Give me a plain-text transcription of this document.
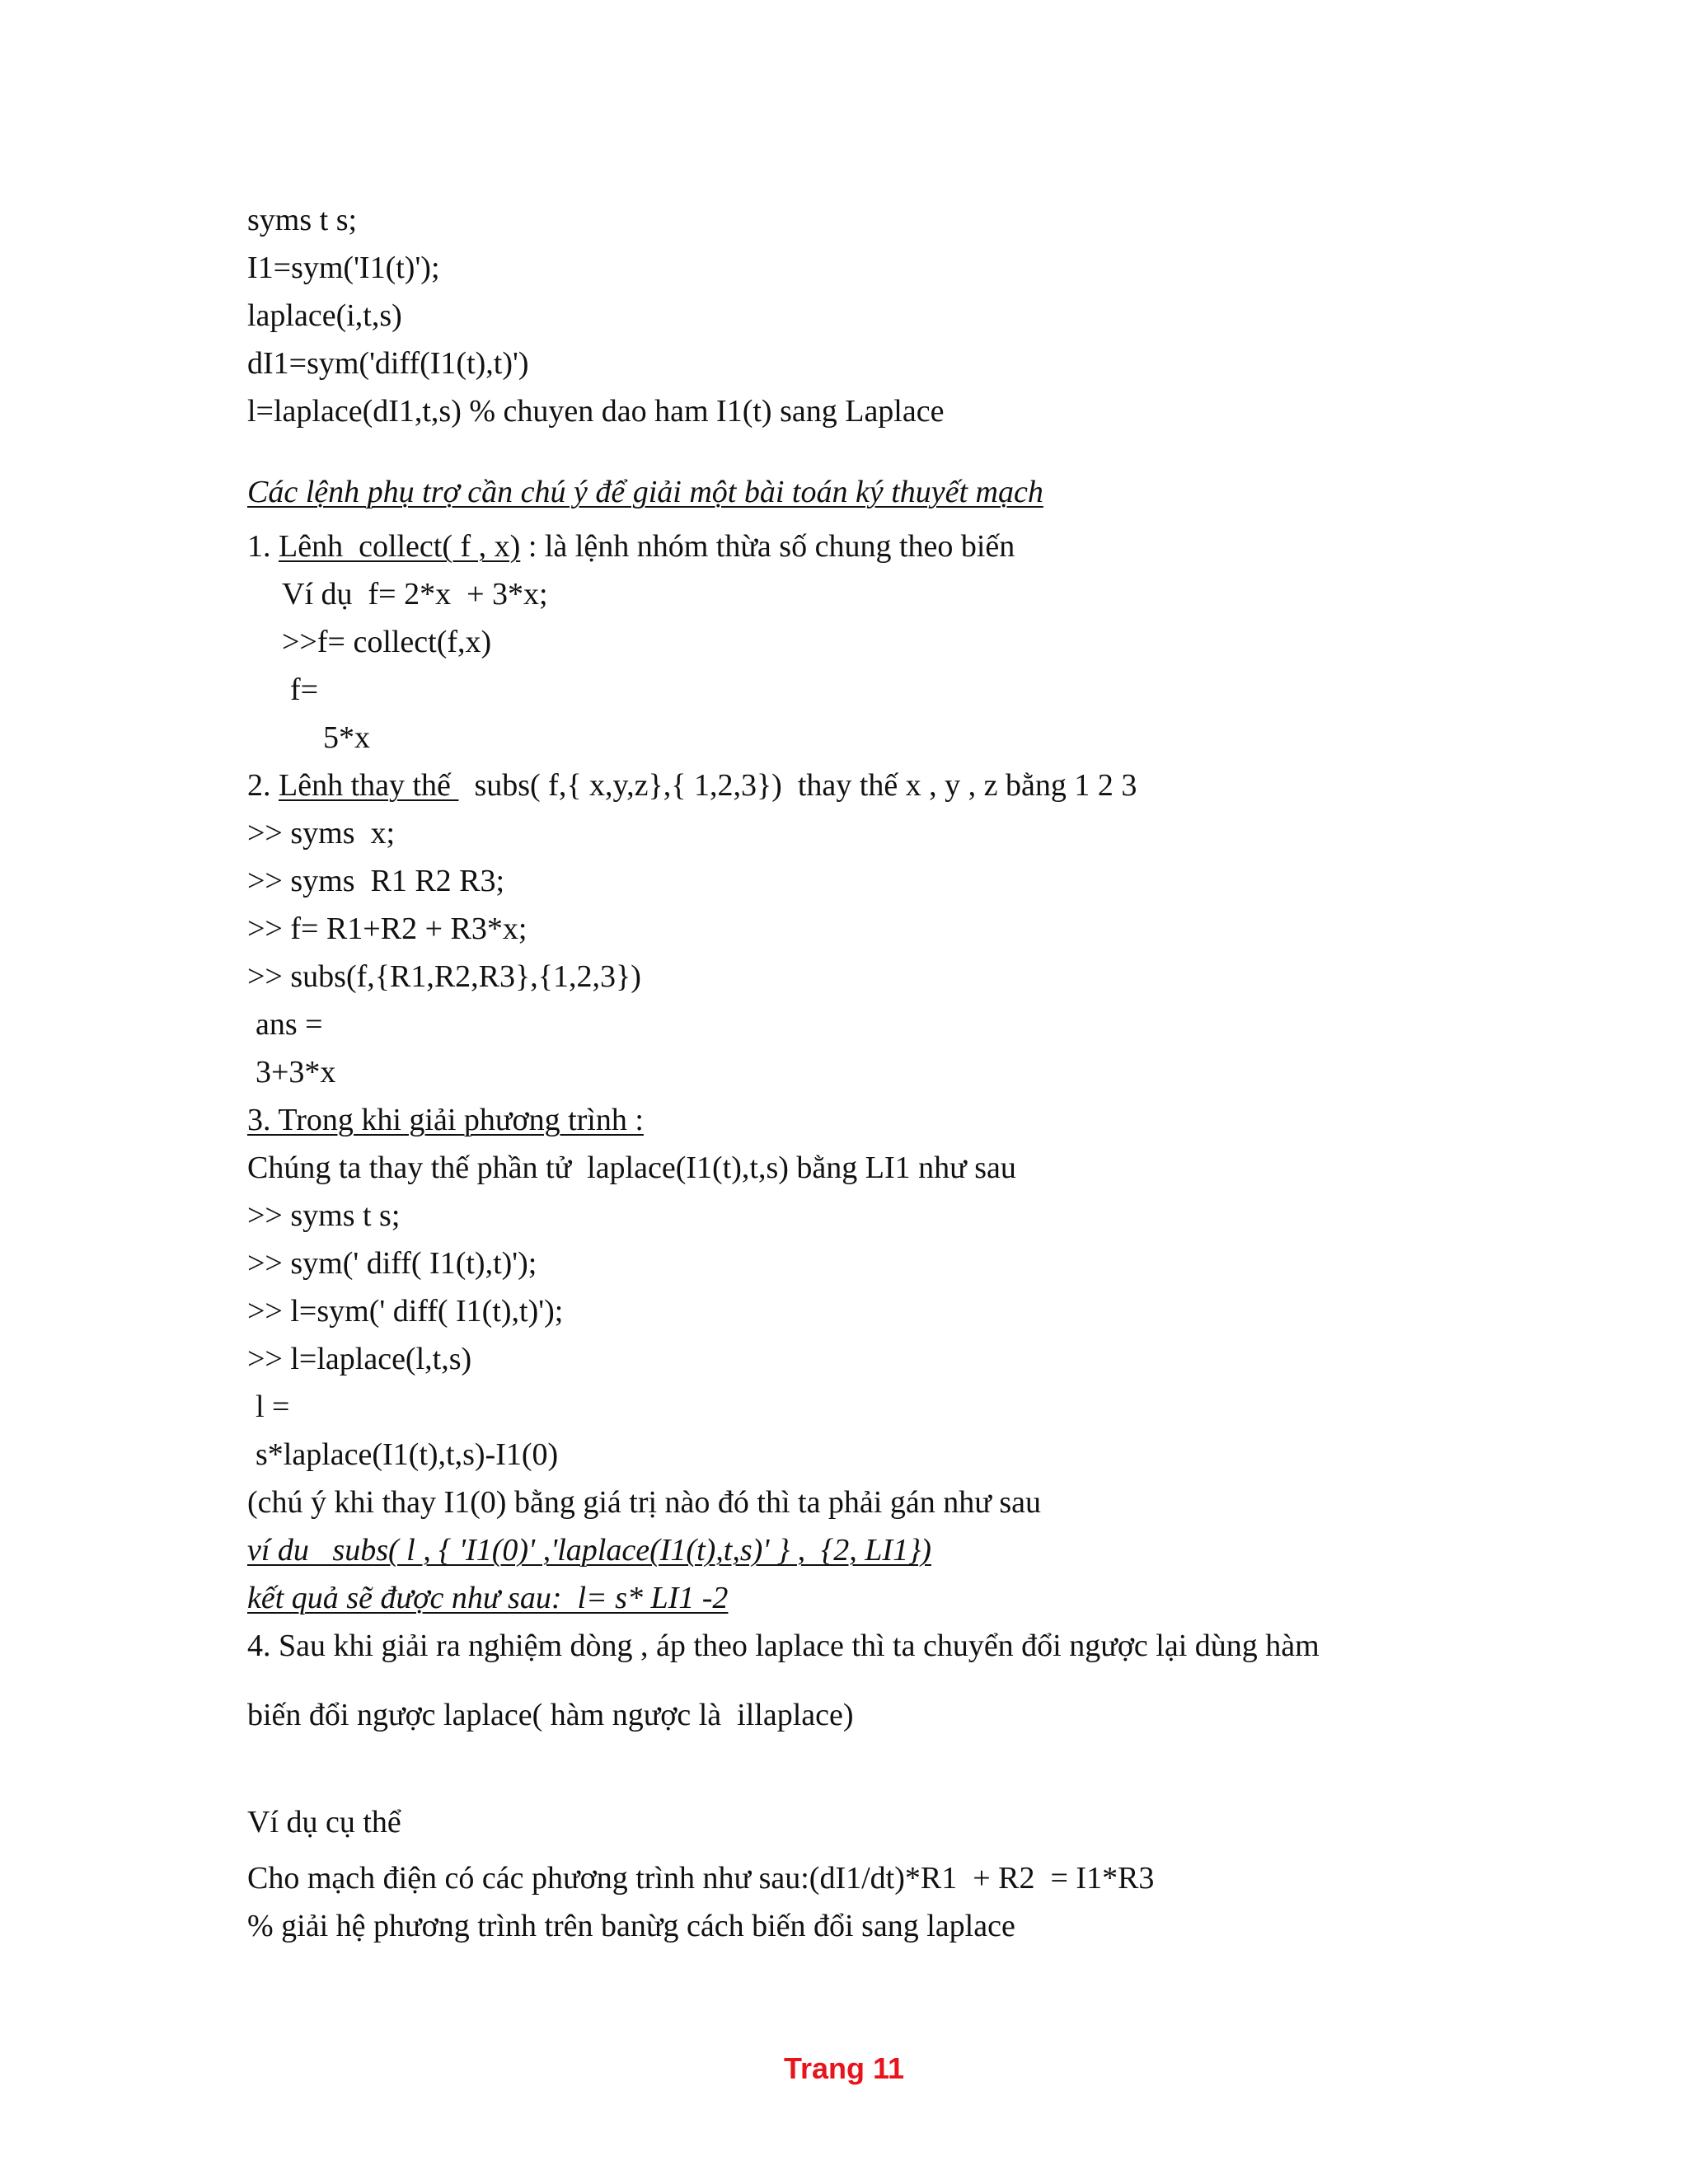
syms t s;
I1=sym('I1(t)');
laplace(i,t,s)
dI1=sym('diff(I1(t),t)')
l=laplace(dI1,t,s) % chuyen dao ham I1(t) sang Laplace
Các lệnh phụ trợ cần chú ý để giải một bài toán ký thuyết mạch
1. Lênh  collect( f , x) : là lệnh nhóm thừa số chung theo biến
Ví dụ  f= 2*x  + 3*x;
>>f= collect(f,x)
f=
5*x
2. Lênh thay thế   subs( f,{ x,y,z},{ 1,2,3})  thay thế x , y , z bằng 1 2 3
>> syms  x;
>> syms  R1 R2 R3;
>> f= R1+R2 + R3*x;
>> subs(f,{R1,R2,R3},{1,2,3})
ans =
3+3*x
3. Trong khi giải phương trình :
Chúng ta thay thế phần tử  laplace(I1(t),t,s) bằng LI1 như sau
>> syms t s;
>> sym(' diff( I1(t),t)');
>> l=sym(' diff( I1(t),t)');
>> l=laplace(l,t,s)
l =
s*laplace(I1(t),t,s)-I1(0)
(chú ý khi thay I1(0) bằng giá trị nào đó thì ta phải gán như sau
ví du   subs( l , { 'I1(0)' ,'laplace(I1(t),t,s)' } ,  {2, LI1})
kết quả sẽ được như sau:  l= s* LI1 -2
4. Sau khi giải ra nghiệm dòng , áp theo laplace thì ta chuyển đổi ngược lại dùng hàm
biến đổi ngược laplace( hàm ngược là  illaplace)
Ví dụ cụ thể
Cho mạch điện có các phương trình như sau:(dI1/dt)*R1  + R2  = I1*R3
% giải hệ phương trình trên banừg cách biến đổi sang laplace
Trang 11
